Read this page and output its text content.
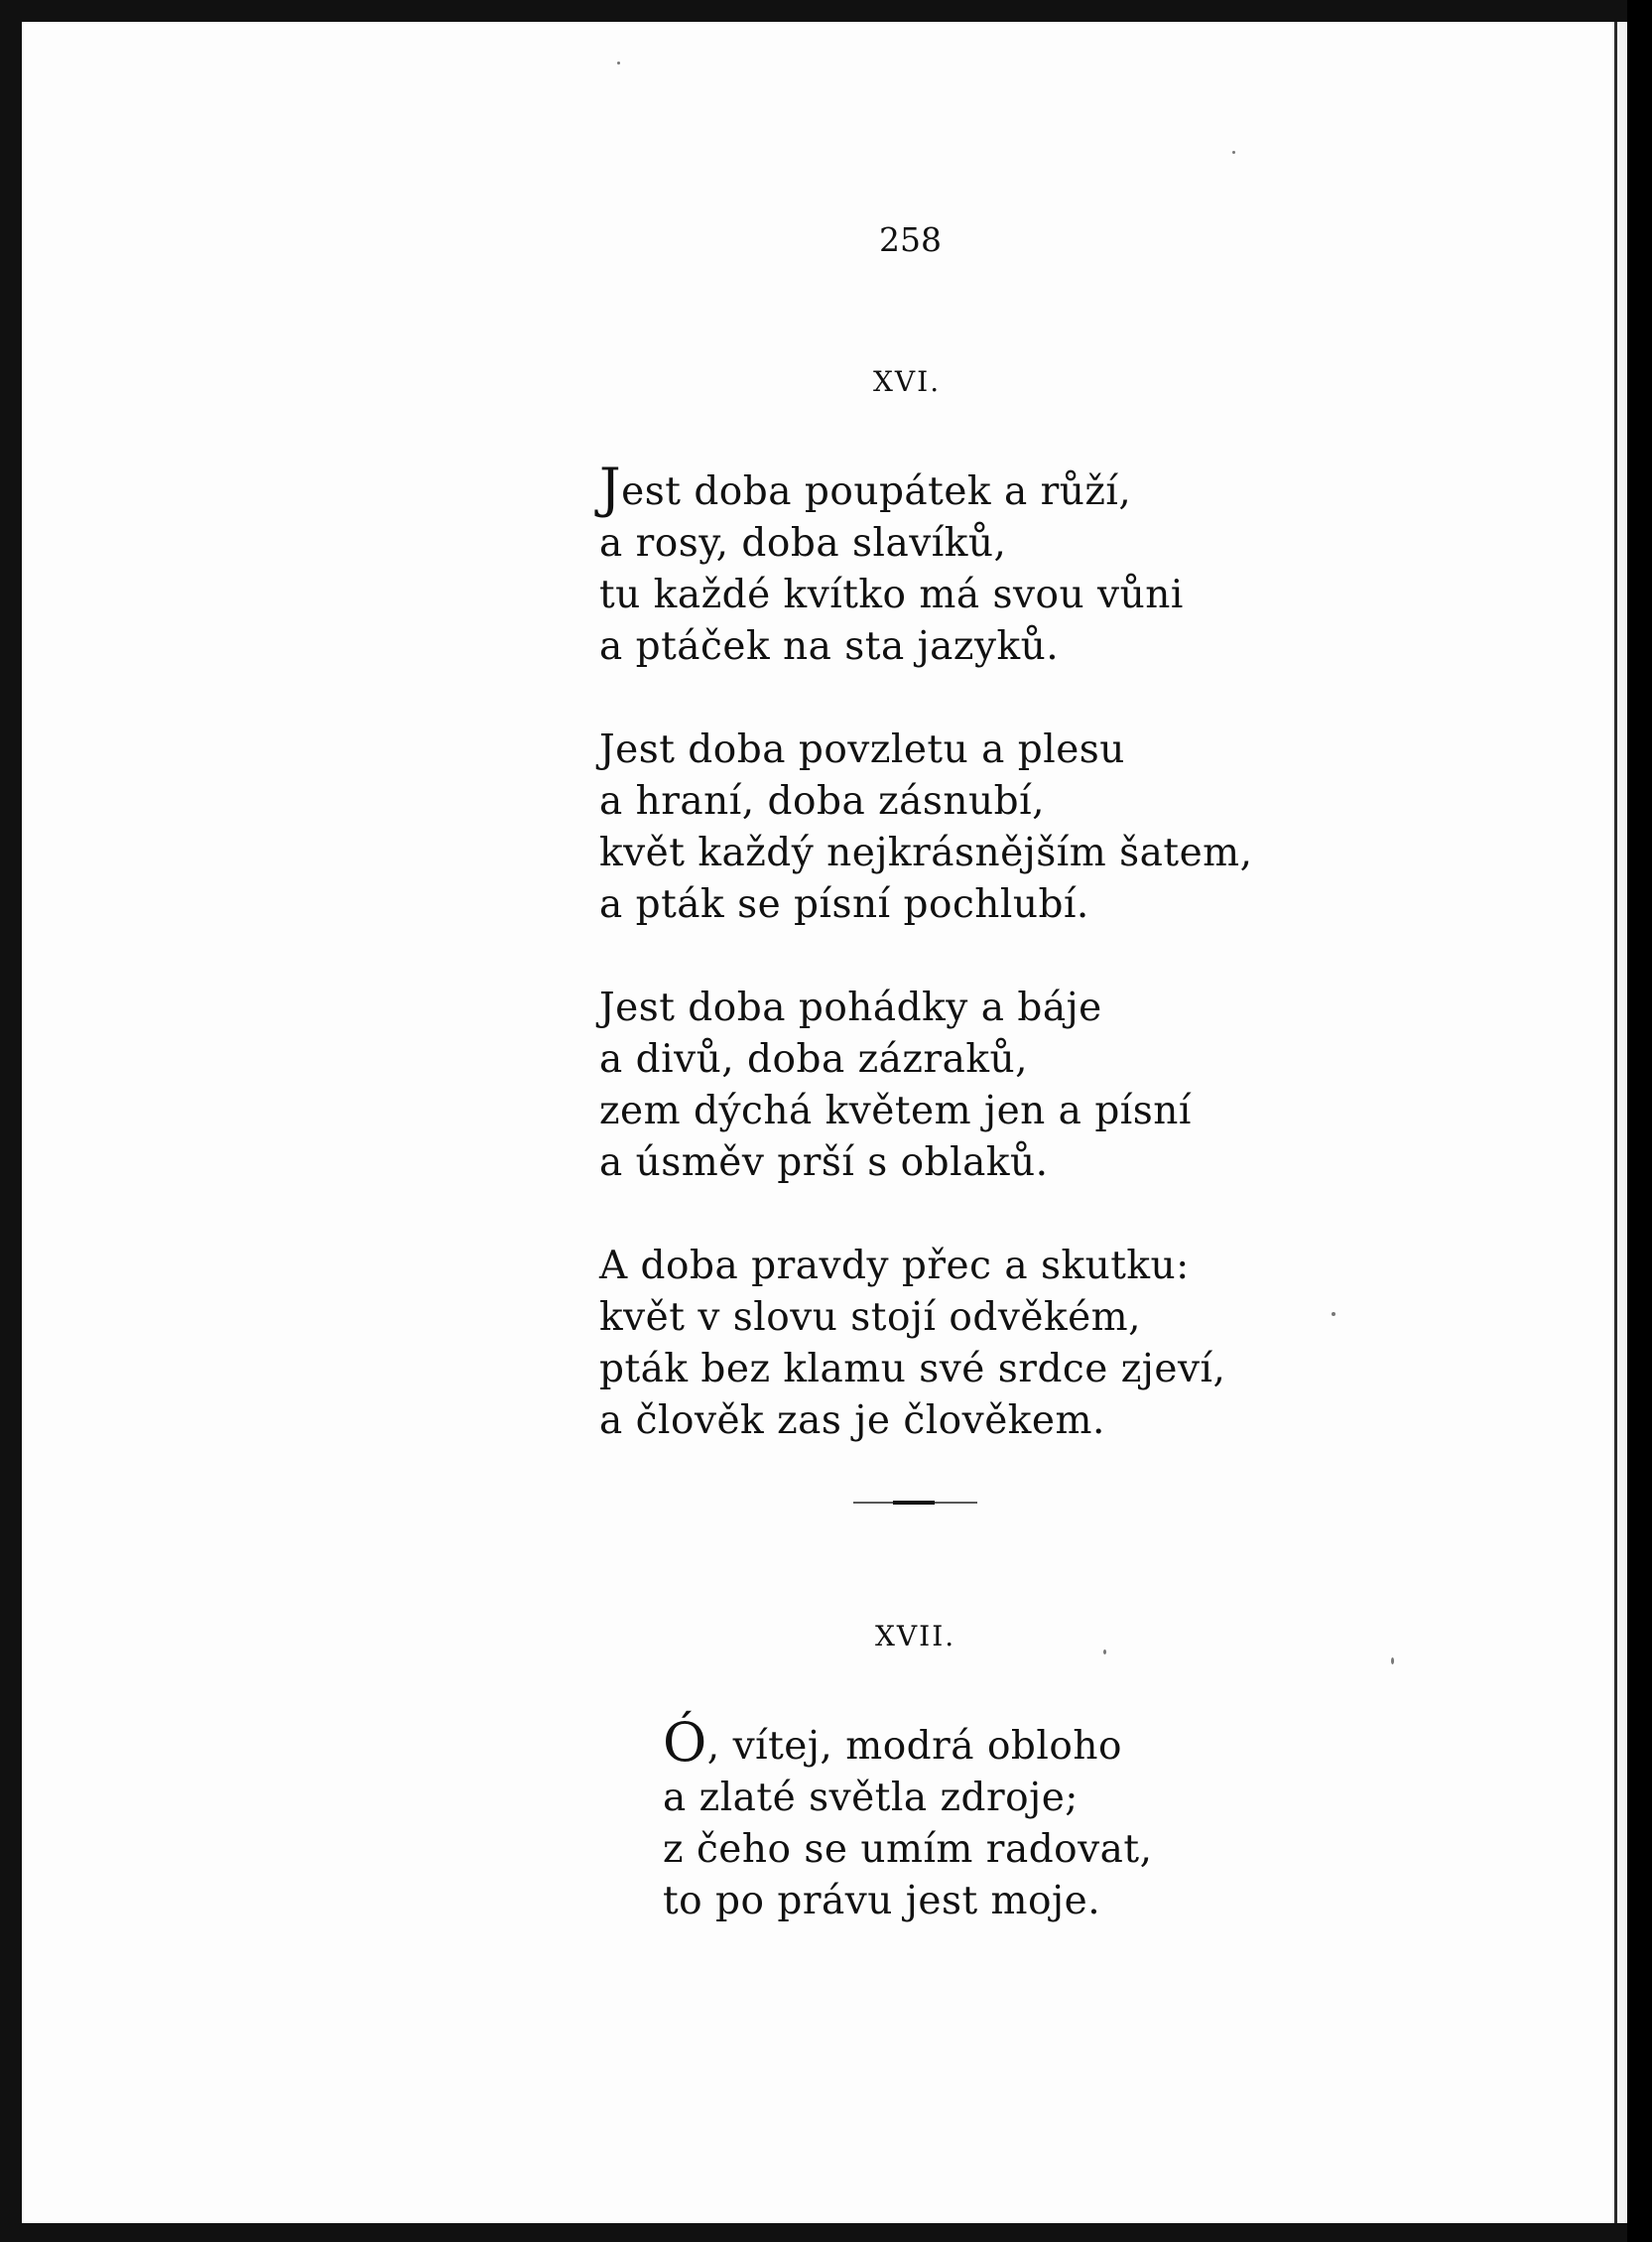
258
XVI.
Jest doba poupátek a růží,
a rosy, doba slavíků,
tu každé kvítko má svou vůni
a ptáček na sta jazyků.
Jest doba povzletu a plesu
a hraní, doba zásnubí,
květ každý nejkrásnějším šatem,
a pták se písní pochlubí.
Jest doba pohádky a báje
a divů, doba zázraků,
zem dýchá květem jen a písní
a úsměv prší s oblaků.
A doba pravdy přec a skutku:
květ v slovu stojí odvěkém,
pták bez klamu své srdce zjeví,
a člověk zas je člověkem.
XVII.
Ó, vítej, modrá obloho
a zlaté světla zdroje;
z čeho se umím radovat,
to po právu jest moje.
